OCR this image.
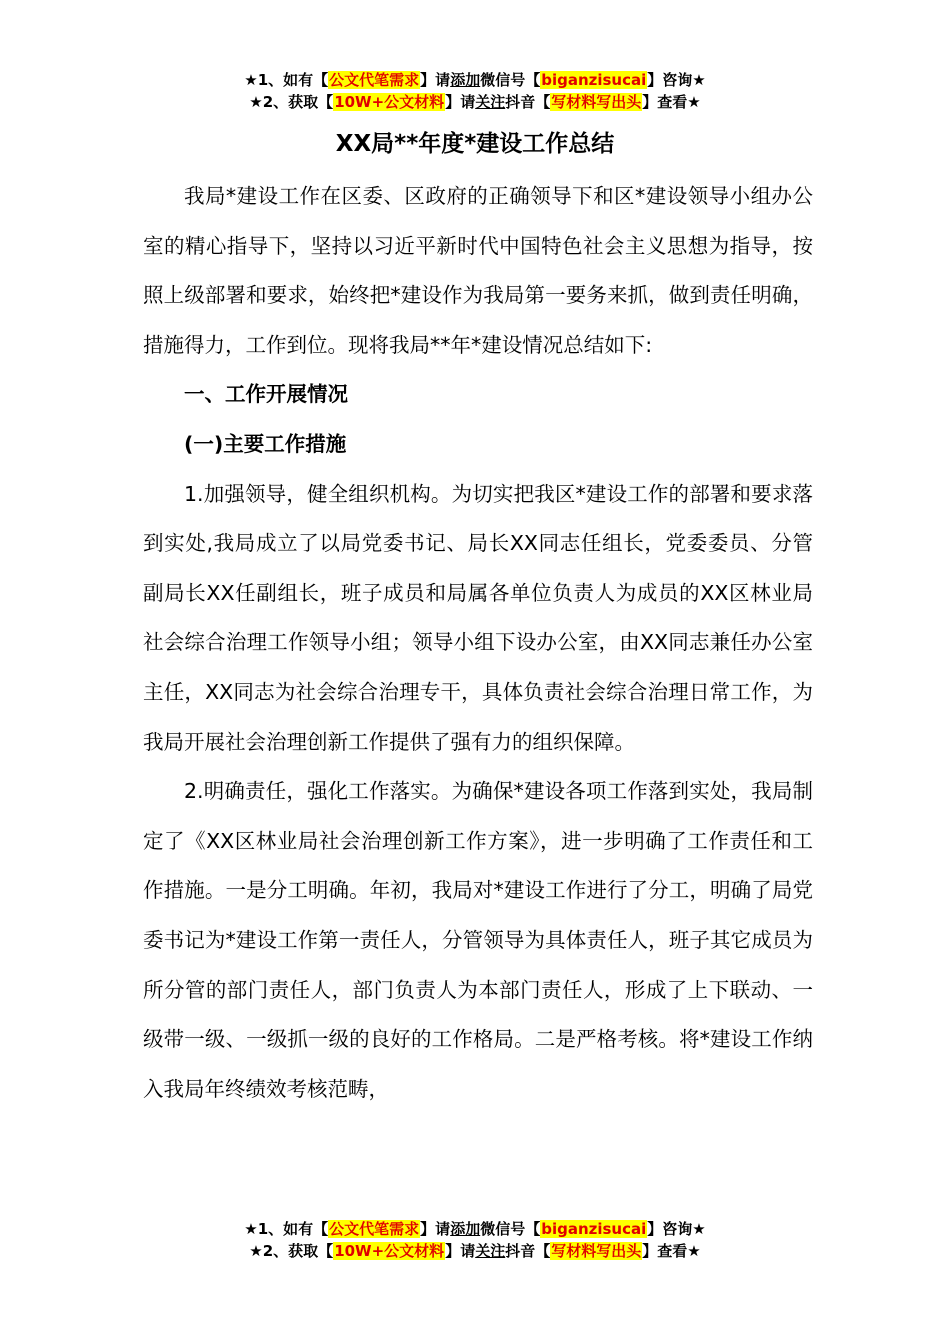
★1、如有【公文代笔需求】请添加微信号【biganzisucai】咨询★
★2、获取【10W+公文材料】请关注抖音【写材料写出头】查看★
XX局**年度*建设工作总结

我局*建设工作在区委、区政府的正确领导下和区*建设领导小组办公室的精心指导下，坚持以习近平新时代中国特色社会主义思想为指导，按照上级部署和要求，始终把*建设作为我局第一要务来抓，做到责任明确，措施得力，工作到位。现将我局**年*建设情况总结如下:

一、工作开展情况

(一)主要工作措施

1.加强领导，健全组织机构。为切实把我区*建设工作的部署和要求落到实处,我局成立了以局党委书记、局长XX同志任组长，党委委员、分管副局长XX任副组长，班子成员和局属各单位负责人为成员的XX区林业局社会综合治理工作领导小组；领导小组下设办公室，由XX同志兼任办公室主任，XX同志为社会综合治理专干，具体负责社会综合治理日常工作，为我局开展社会治理创新工作提供了强有力的组织保障。

2.明确责任，强化工作落实。为确保*建设各项工作落到实处，我局制定了《XX区林业局社会治理创新工作方案》，进一步明确了工作责任和工作措施。一是分工明确。年初，我局对*建设工作进行了分工，明确了局党委书记为*建设工作第一责任人，分管领导为具体责任人，班子其它成员为所分管的部门责任人，部门负责人为本部门责任人，形成了上下联动、一级带一级、一级抓一级的良好的工作格局。二是严格考核。将*建设工作纳入我局年终绩效考核范畴，

★1、如有【公文代笔需求】请添加微信号【biganzisucai】咨询★
★2、获取【10W+公文材料】请关注抖音【写材料写出头】查看★
